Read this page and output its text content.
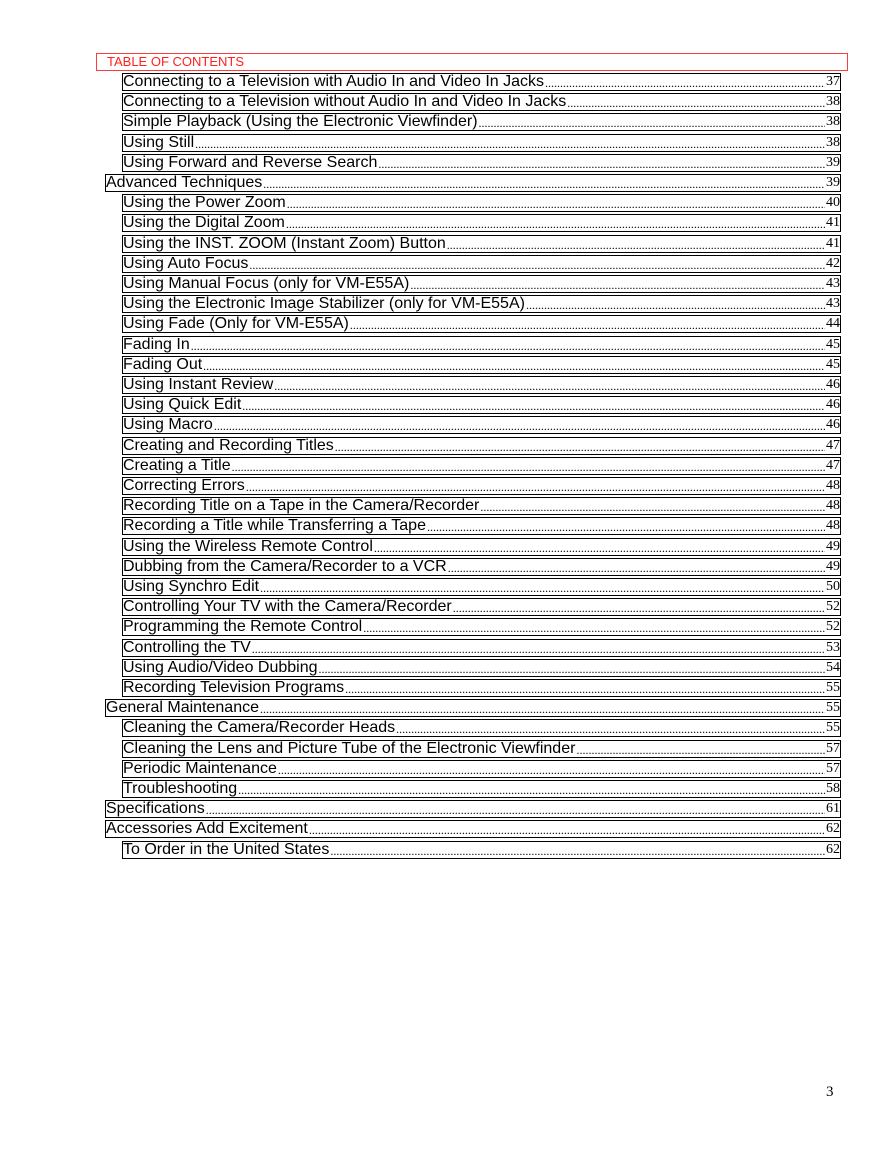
TABLE OF CONTENTS
Connecting to a Television with Audio In and Video In Jacks .....	37
Connecting to a Television without Audio In and Video In Jacks .....	38
Simple Playback (Using the Electronic Viewfinder) .....	38
Using Still .....	38
Using Forward and Reverse Search .....	39
Advanced Techniques .....	39
Using the Power Zoom .....	40
Using the Digital Zoom .....	41
Using the INST. ZOOM (Instant Zoom) Button .....	41
Using Auto Focus .....	42
Using Manual Focus (only for VM-E55A) .....	43
Using the Electronic Image Stabilizer (only for VM-E55A) .....	43
Using Fade (Only for VM-E55A) .....	44
Fading In .....	45
Fading Out .....	45
Using Instant Review .....	46
Using Quick Edit .....	46
Using Macro .....	46
Creating and Recording Titles .....	47
Creating a Title .....	47
Correcting Errors .....	48
Recording Title on a Tape in the Camera/Recorder .....	48
Recording a Title while Transferring a Tape .....	48
Using the Wireless Remote Control .....	49
Dubbing from the Camera/Recorder to a VCR .....	49
Using Synchro Edit .....	50
Controlling Your TV with the Camera/Recorder .....	52
Programming the Remote Control .....	52
Controlling the TV .....	53
Using Audio/Video Dubbing .....	54
Recording Television Programs .....	55
General Maintenance .....	55
Cleaning the Camera/Recorder Heads .....	55
Cleaning the Lens and Picture Tube of the Electronic Viewfinder .....	57
Periodic Maintenance .....	57
Troubleshooting .....	58
Specifications .....	61
Accessories Add Excitement .....	62
To Order in the United States .....	62
3
